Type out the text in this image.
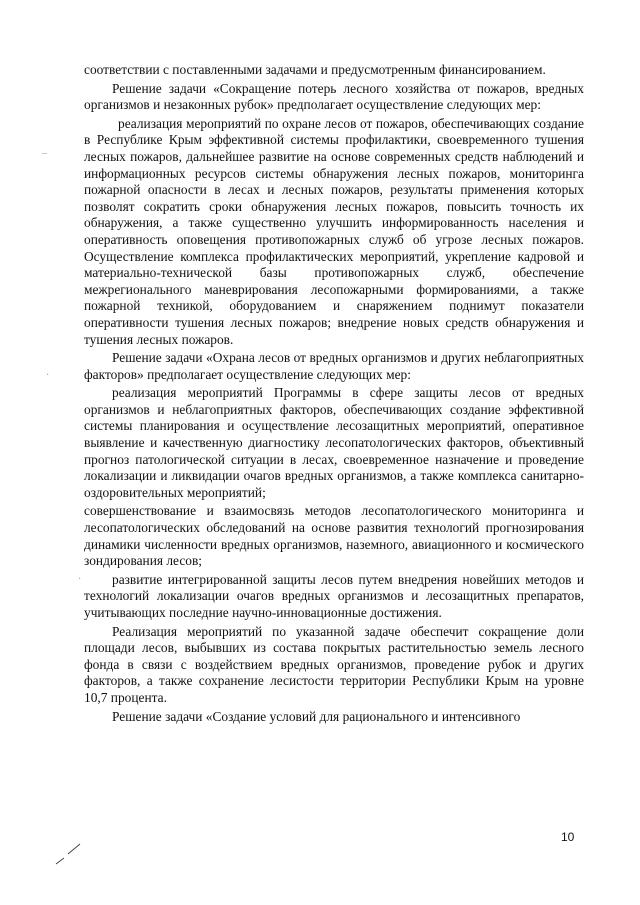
соответствии с поставленными задачами и предусмотренным финансированием.

Решение задачи «Сокращение потерь лесного хозяйства от пожаров, вредных организмов и незаконных рубок» предполагает осуществление следующих мер:

реализация мероприятий по охране лесов от пожаров, обеспечивающих создание в Республике Крым эффективной системы профилактики, своевременного тушения лесных пожаров, дальнейшее развитие на основе современных средств наблюдений и информационных ресурсов системы обнаружения лесных пожаров, мониторинга пожарной опасности в лесах и лесных пожаров, результаты применения которых позволят сократить сроки обнаружения лесных пожаров, повысить точность их обнаружения, а также существенно улучшить информированность населения и оперативность оповещения противопожарных служб об угрозе лесных пожаров. Осуществление комплекса профилактических мероприятий, укрепление кадровой и материально-технической базы противопожарных служб, обеспечение межрегионального маневрирования лесопожарными формированиями, а также пожарной техникой, оборудованием и снаряжением поднимут показатели оперативности тушения лесных пожаров; внедрение новых средств обнаружения и тушения лесных пожаров.

Решение задачи «Охрана лесов от вредных организмов и других неблагоприятных факторов» предполагает осуществление следующих мер:

реализация мероприятий Программы в сфере защиты лесов от вредных организмов и неблагоприятных факторов, обеспечивающих создание эффективной системы планирования и осуществление лесозащитных мероприятий, оперативное выявление и качественную диагностику лесопатологических факторов, объективный прогноз патологической ситуации в лесах, своевременное назначение и проведение локализации и ликвидации очагов вредных организмов, а также комплекса санитарно-оздоровительных мероприятий;

совершенствование и взаимосвязь методов лесопатологического мониторинга и лесопатологических обследований на основе развития технологий прогнозирования динамики численности вредных организмов, наземного, авиационного и космического зондирования лесов;

развитие интегрированной защиты лесов путем внедрения новейших методов и технологий локализации очагов вредных организмов и лесозащитных препаратов, учитывающих последние научно-инновационные достижения.

Реализация мероприятий по указанной задаче обеспечит сокращение доли площади лесов, выбывших из состава покрытых растительностью земель лесного фонда в связи с воздействием вредных организмов, проведение рубок и других факторов, а также сохранение лесистости территории Республики Крым на уровне 10,7 процента.

Решение задачи «Создание условий для рационального и интенсивного

–
·
·
10
